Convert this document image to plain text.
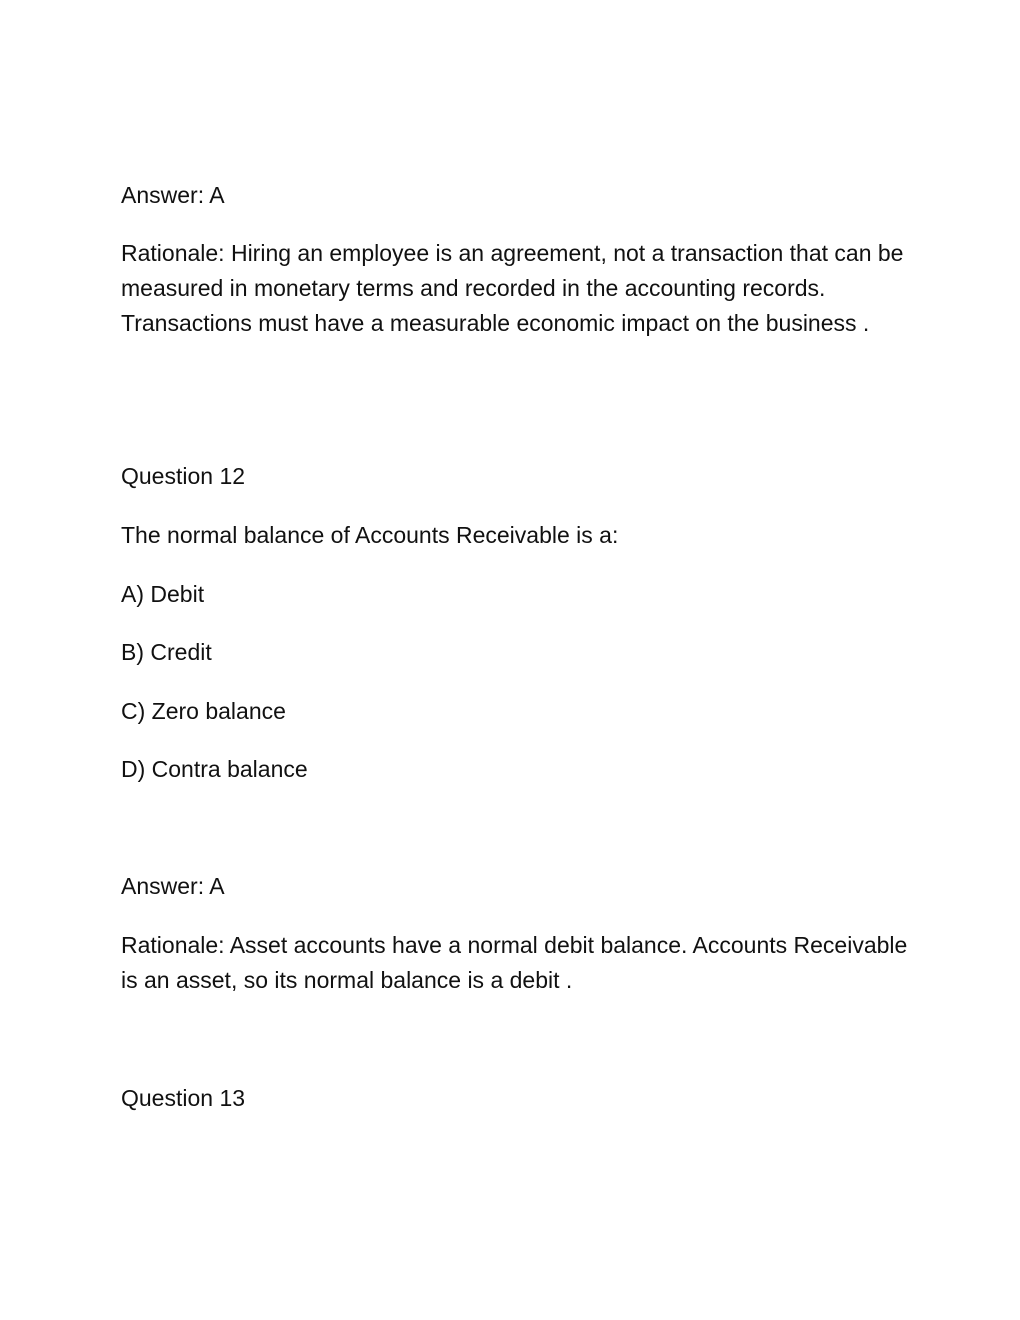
Answer: A

Rationale: Hiring an employee is an agreement, not a transaction that can be measured in monetary terms and recorded in the accounting records. Transactions must have a measurable economic impact on the business .

Question 12

The normal balance of Accounts Receivable is a:

A) Debit

B) Credit

C) Zero balance

D) Contra balance

Answer: A

Rationale: Asset accounts have a normal debit balance. Accounts Receivable is an asset, so its normal balance is a debit .

Question 13
